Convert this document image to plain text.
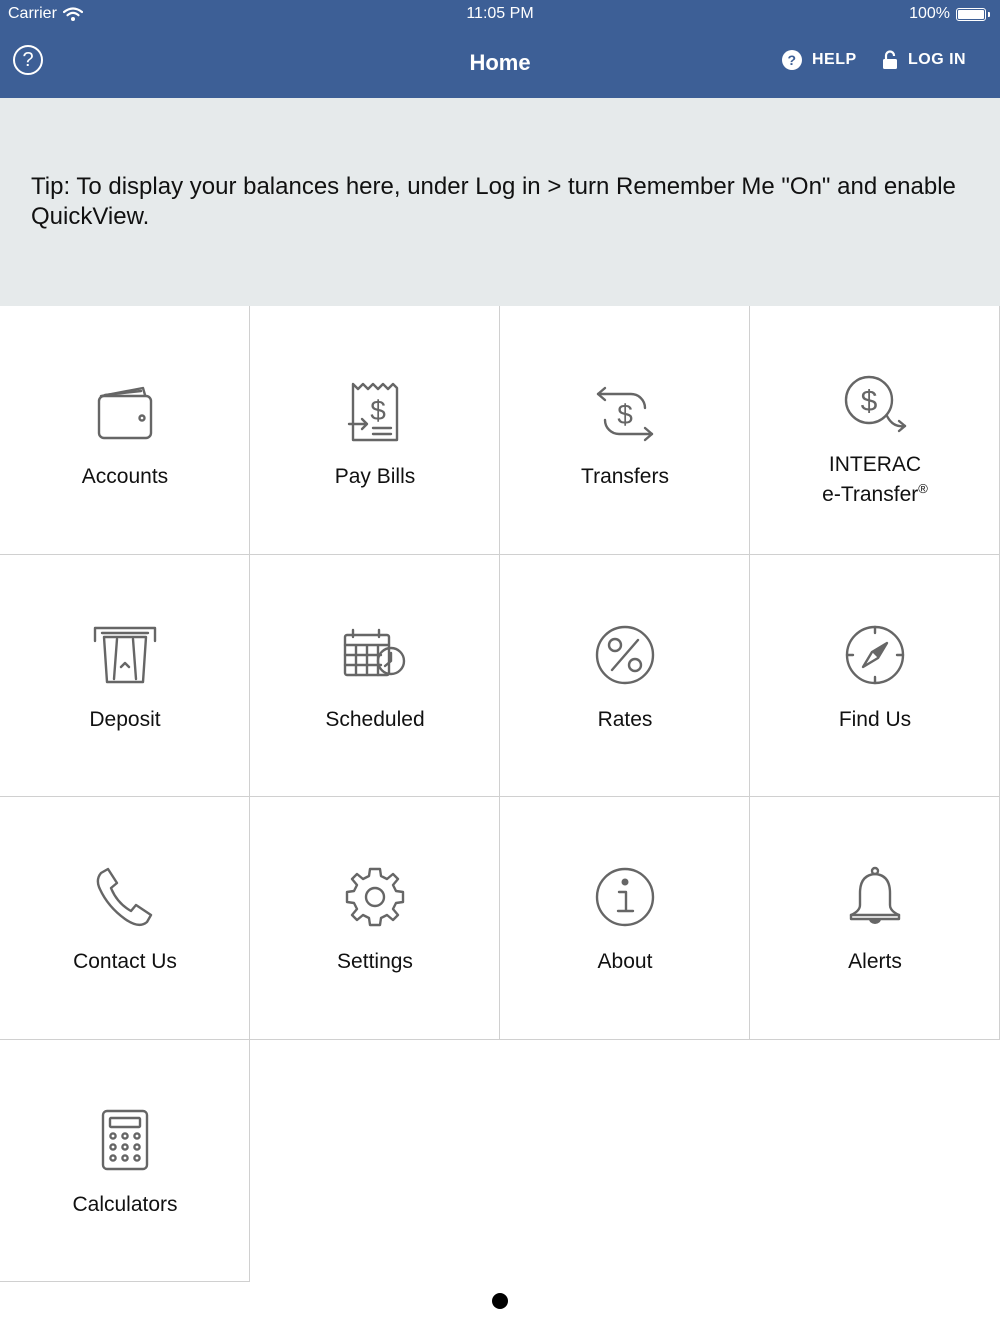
Carrier	11:05 PM	100%
?	Home	? HELP	LOG IN
Tip: To display your balances here, under Log in > turn Remember Me "On" and enable QuickView.
Accounts
$
Pay Bills
$
Transfers
$
INTERAC
e-Transfer®
Deposit	Scheduled	Rates	Find Us
Contact Us	Settings	About	Alerts
Calculators
